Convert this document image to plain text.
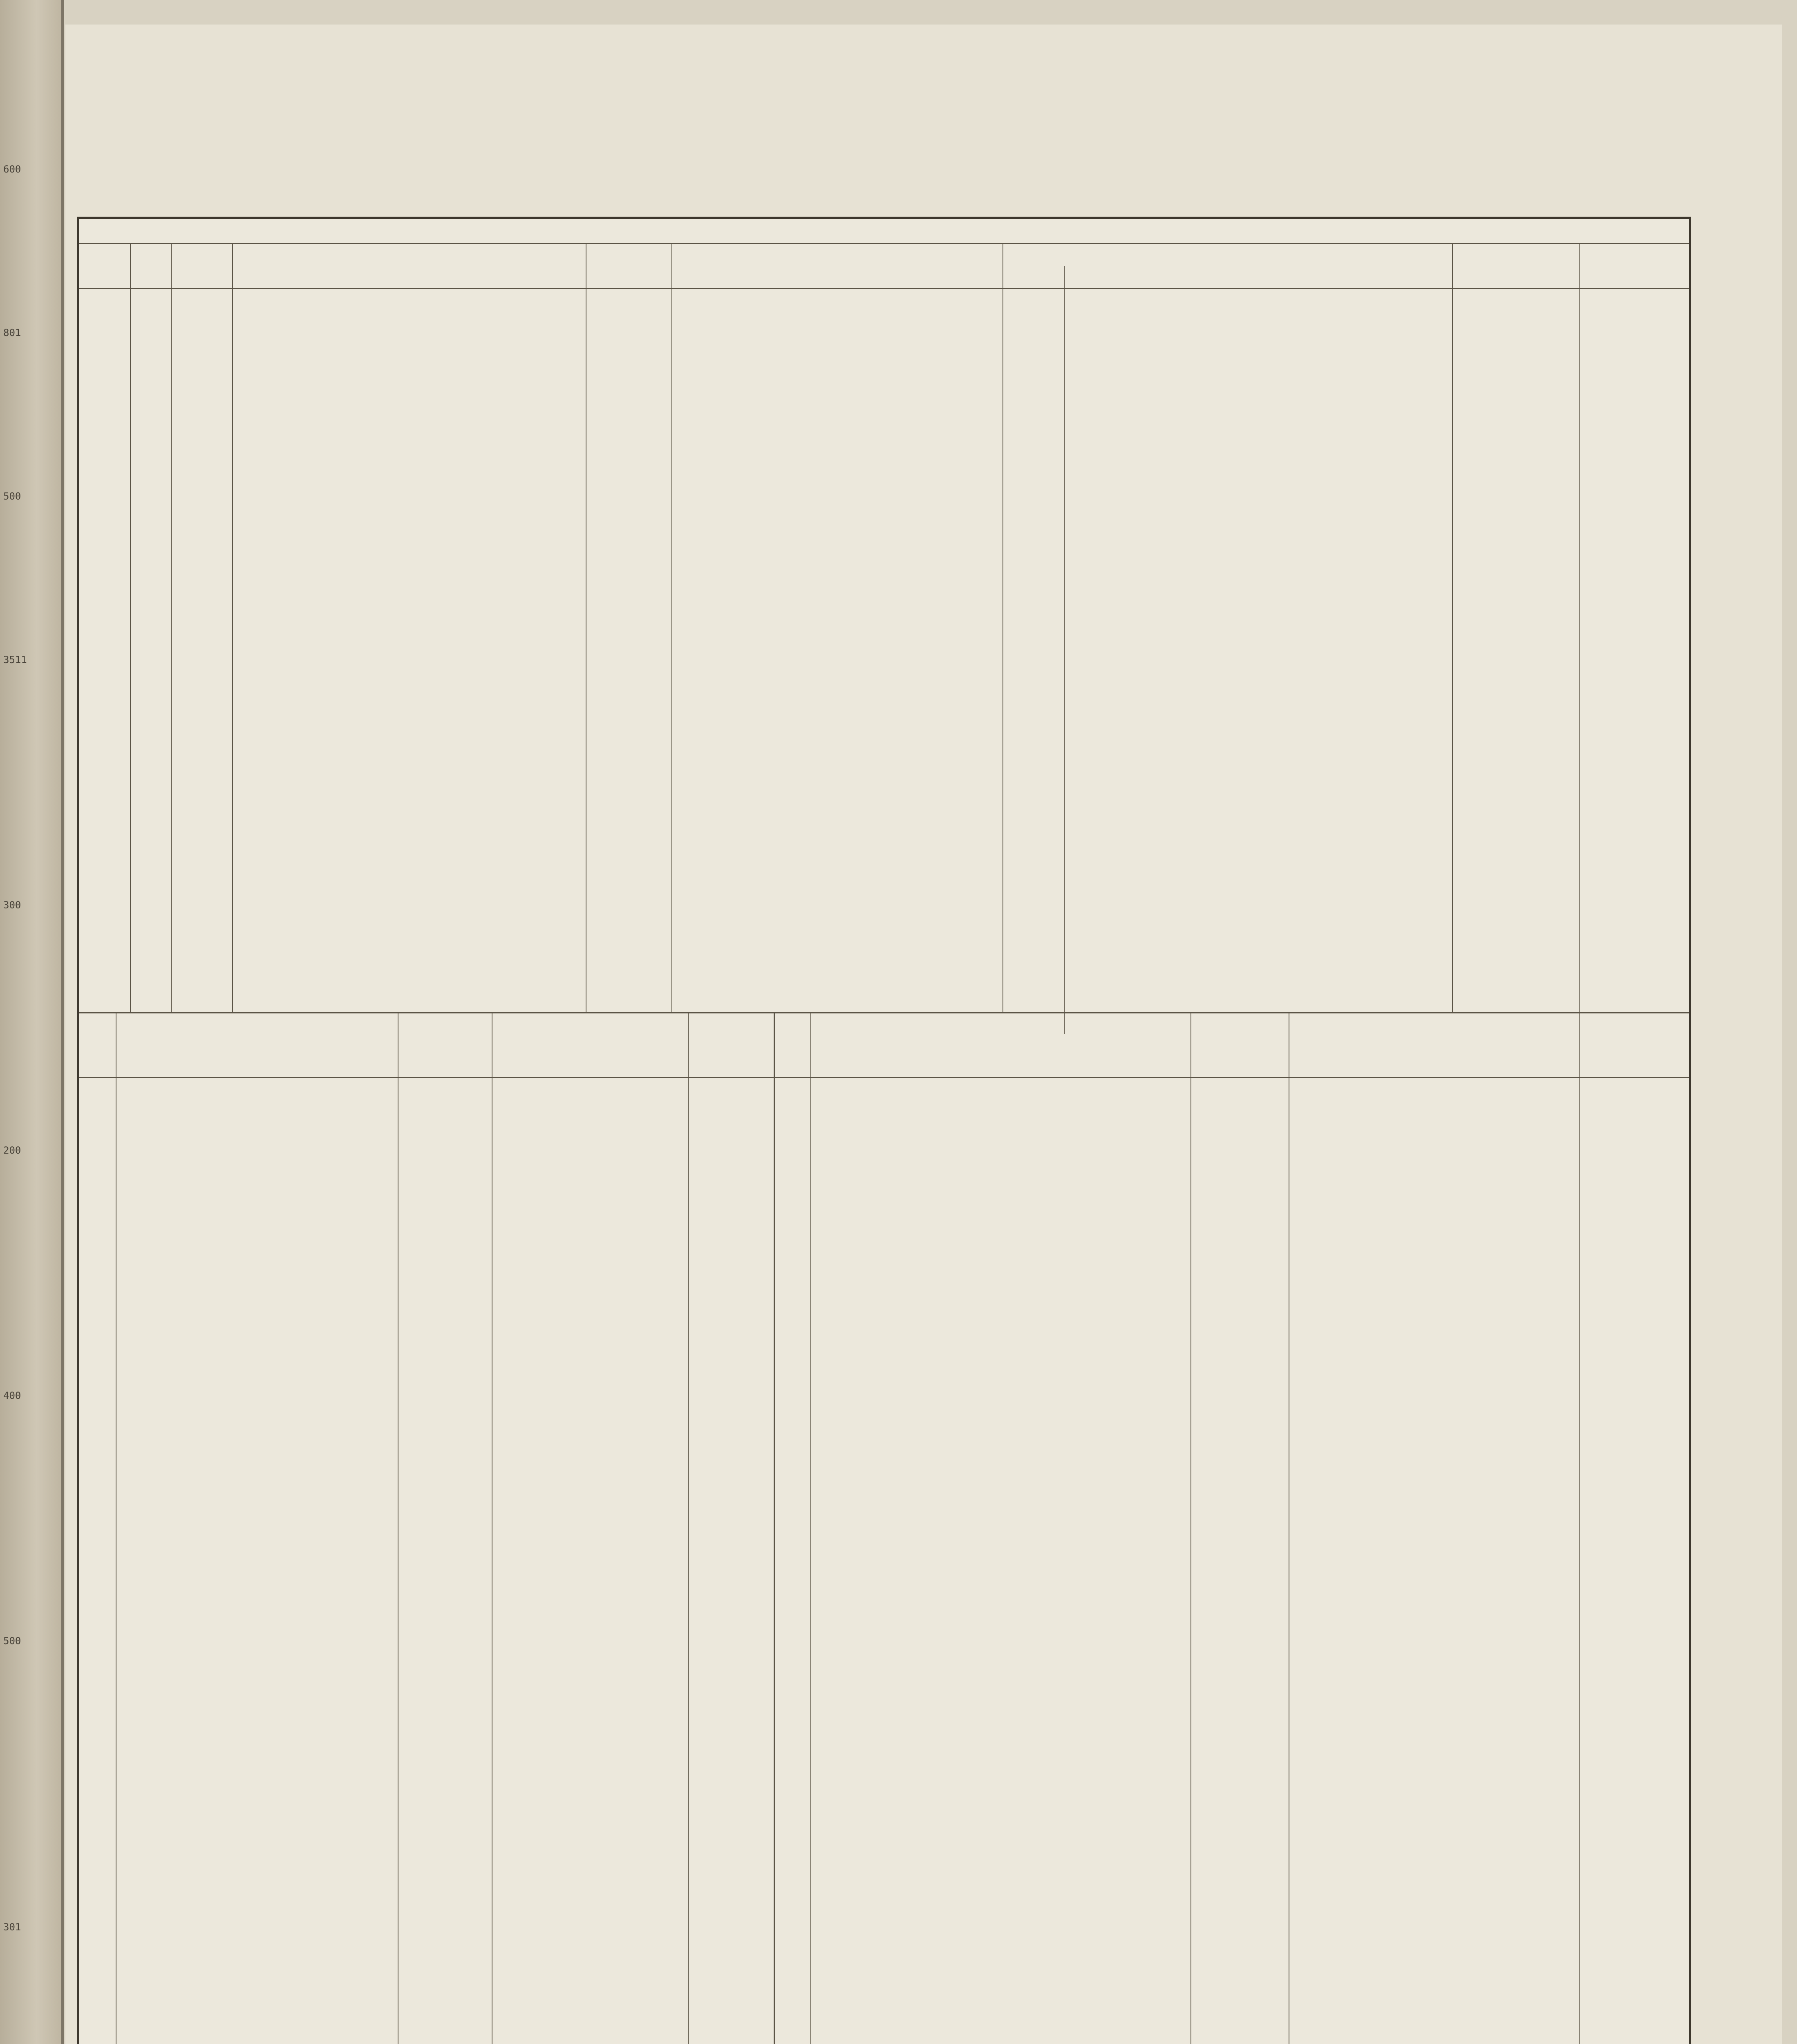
600
801
500
3511
300
200
400
500
301
